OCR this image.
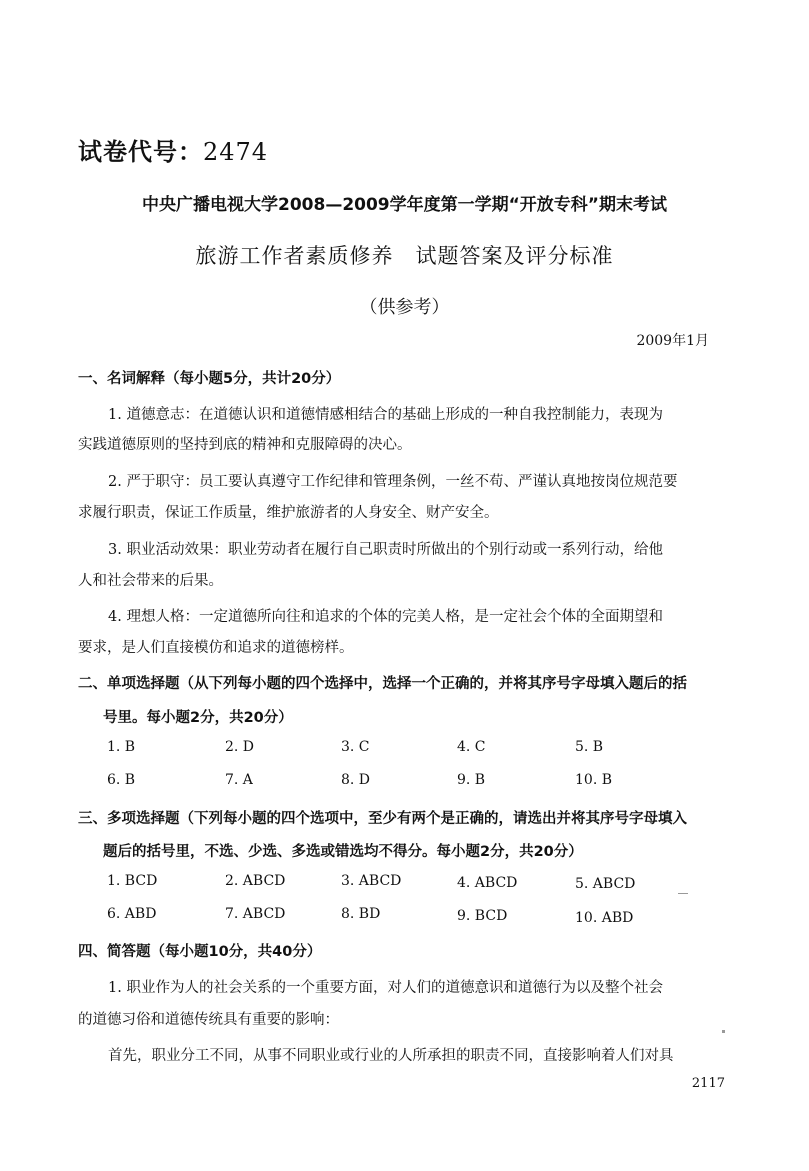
试卷代号：2474
中央广播电视大学2008—2009学年度第一学期“开放专科”期末考试
旅游工作者素质修养　试题答案及评分标准
（供参考）
2009年1月
一、名词解释（每小题5分，共计20分）
1. 道德意志：在道德认识和道德情感相结合的基础上形成的一种自我控制能力，表现为
实践道德原则的坚持到底的精神和克服障碍的决心。
2. 严于职守：员工要认真遵守工作纪律和管理条例，一丝不苟、严谨认真地按岗位规范要
求履行职责，保证工作质量，维护旅游者的人身安全、财产安全。
3. 职业活动效果：职业劳动者在履行自己职责时所做出的个别行动或一系列行动，给他
人和社会带来的后果。
4. 理想人格：一定道德所向往和追求的个体的完美人格，是一定社会个体的全面期望和
要求，是人们直接模仿和追求的道德榜样。
二、单项选择题（从下列每小题的四个选择中，选择一个正确的，并将其序号字母填入题后的括
号里。每小题2分，共20分）
1. B	2. D	3. C	4. C	5. B
6. B	7. A	8. D	9. B	10. B
三、多项选择题（下列每小题的四个选项中，至少有两个是正确的，请选出并将其序号字母填入
题后的括号里，不选、少选、多选或错选均不得分。每小题2分，共20分）
1. BCD	2. ABCD	3. ABCD	4. ABCD	5. ABCD
6. ABD	7. ABCD	8. BD	9. BCD	10. ABD
四、简答题（每小题10分，共40分）
1. 职业作为人的社会关系的一个重要方面，对人们的道德意识和道德行为以及整个社会
的道德习俗和道德传统具有重要的影响：
首先，职业分工不同，从事不同职业或行业的人所承担的职责不同，直接影响着人们对具
2117
